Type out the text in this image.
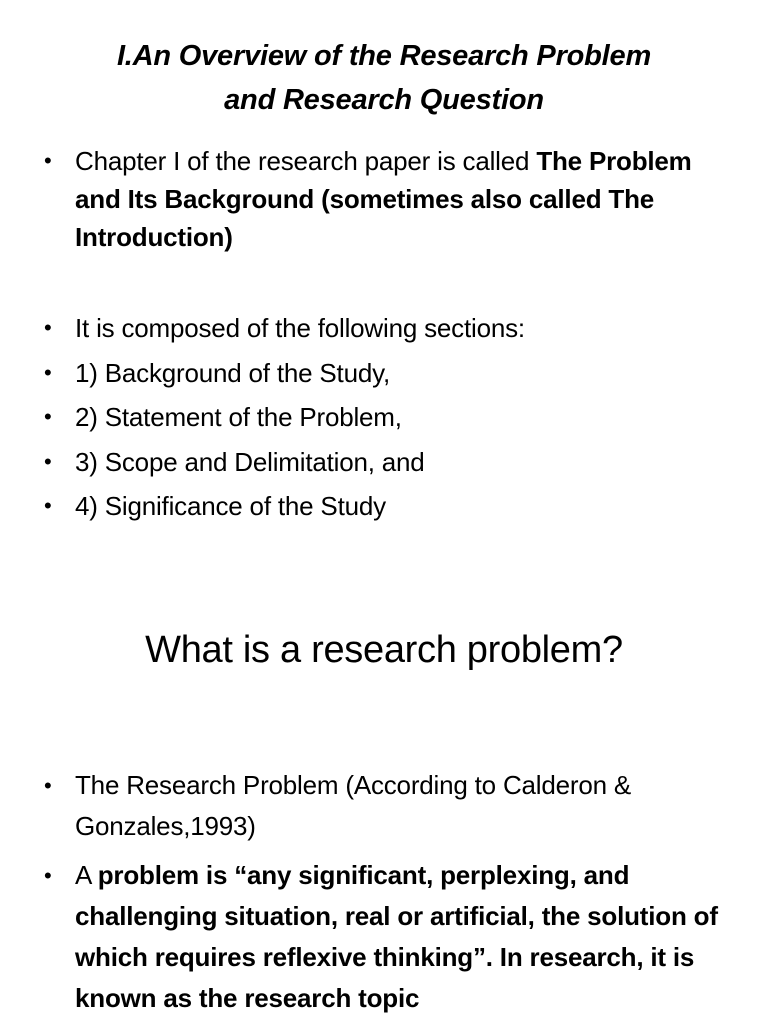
I.An Overview of the Research Problem
and Research Question
• Chapter I of the research paper is called The Problem and Its Background (sometimes also called The Introduction)
• It is composed of the following sections:
• 1) Background of the Study,
• 2) Statement of the Problem,
• 3) Scope and Delimitation, and
• 4) Significance of the Study
What is a research problem?
• The Research Problem (According to Calderon & Gonzales,1993)
• A problem is “any significant, perplexing, and challenging situation, real or artificial, the solution of which requires reflexive thinking”. In research, it is known as the research topic
